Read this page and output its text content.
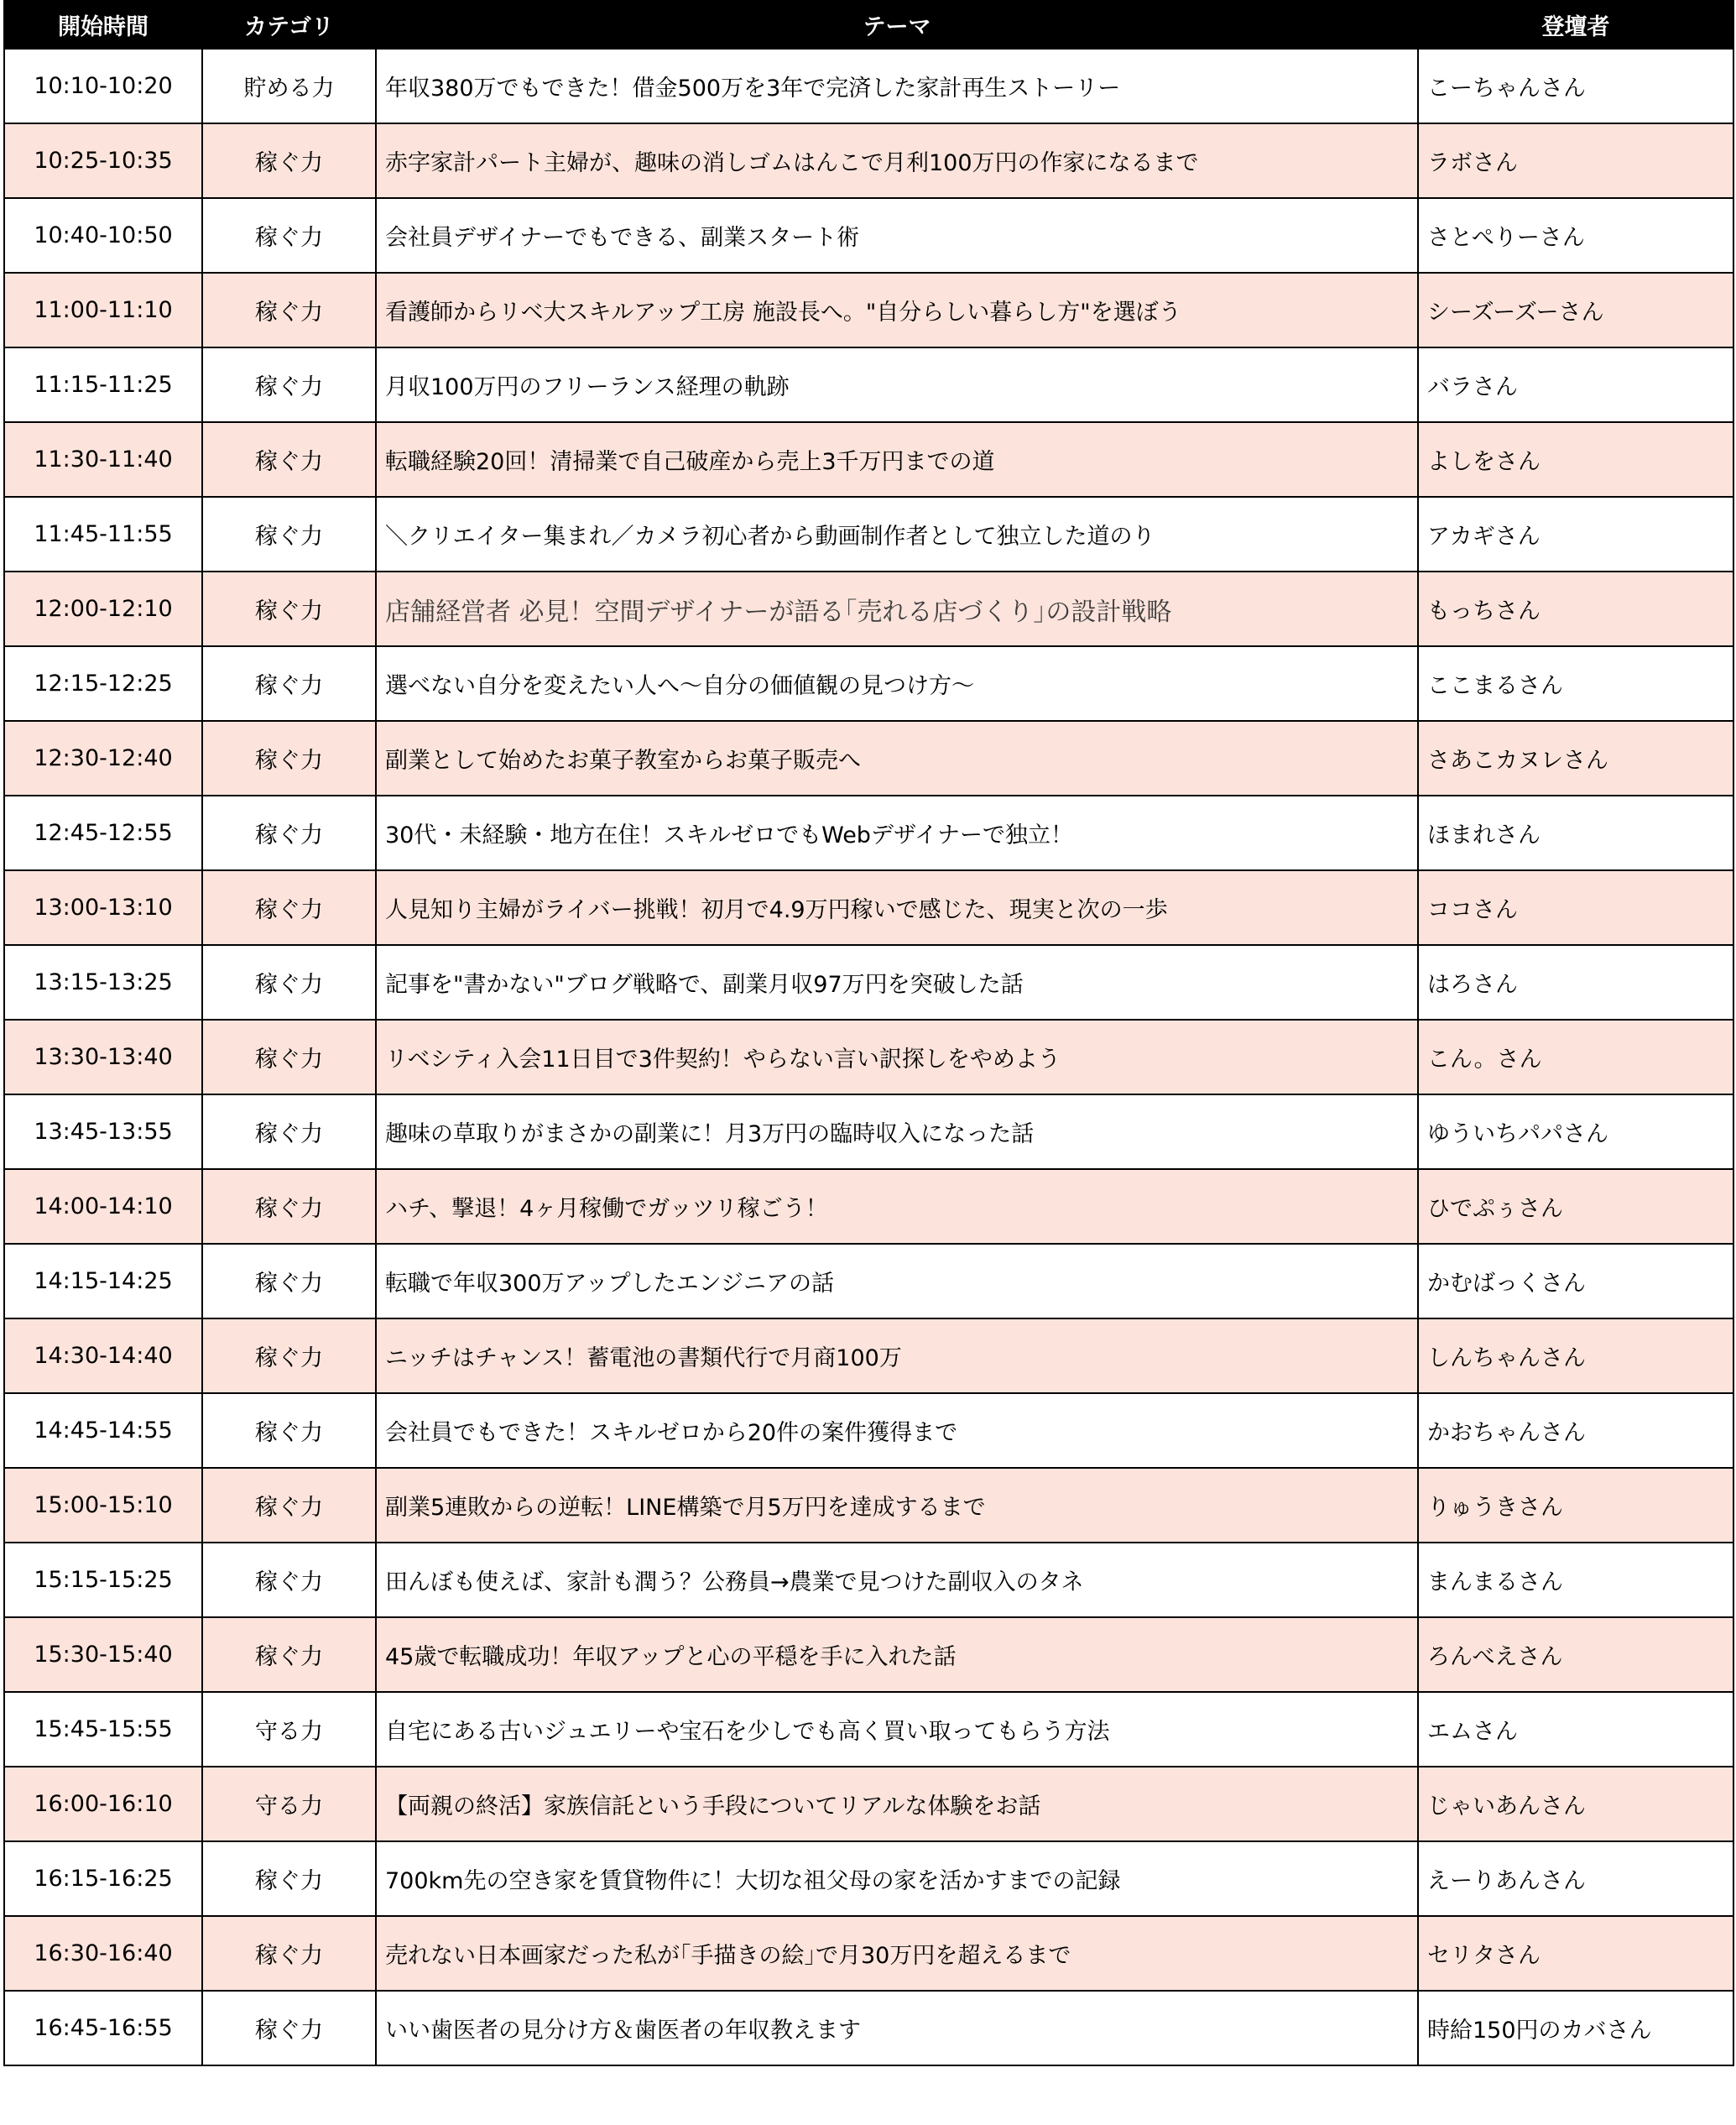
開始時間	カテゴリ	テーマ	登壇者
10:10-10:20	貯める力	年収380万でもできた！借金500万を3年で完済した家計再生ストーリー	こーちゃんさん
10:25-10:35	稼ぐ力	赤字家計パート主婦が、趣味の消しゴムはんこで月利100万円の作家になるまで	ラボさん
10:40-10:50	稼ぐ力	会社員デザイナーでもできる、副業スタート術	さとぺりーさん
11:00-11:10	稼ぐ力	看護師からリベ大スキルアップ工房 施設長へ。"自分らしい暮らし方"を選ぼう	シーズーズーさん
11:15-11:25	稼ぐ力	月収100万円のフリーランス経理の軌跡	バラさん
11:30-11:40	稼ぐ力	転職経験20回！清掃業で自己破産から売上3千万円までの道	よしをさん
11:45-11:55	稼ぐ力	＼クリエイター集まれ／カメラ初心者から動画制作者として独立した道のり	アカギさん
12:00-12:10	稼ぐ力	店舗経営者 必見！空間デザイナーが語る｢売れる店づくり｣の設計戦略	もっちさん
12:15-12:25	稼ぐ力	選べない自分を変えたい人へ～自分の価値観の見つけ方～	ここまるさん
12:30-12:40	稼ぐ力	副業として始めたお菓子教室からお菓子販売へ	さあこカヌレさん
12:45-12:55	稼ぐ力	30代・未経験・地方在住！スキルゼロでもWebデザイナーで独立！	ほまれさん
13:00-13:10	稼ぐ力	人見知り主婦がライバー挑戦！初月で4.9万円稼いで感じた、現実と次の一歩	ココさん
13:15-13:25	稼ぐ力	記事を"書かない"ブログ戦略で、副業月収97万円を突破した話	はろさん
13:30-13:40	稼ぐ力	リベシティ入会11日目で3件契約！やらない言い訳探しをやめよう	こん。さん
13:45-13:55	稼ぐ力	趣味の草取りがまさかの副業に！月3万円の臨時収入になった話	ゆういちパパさん
14:00-14:10	稼ぐ力	ハチ、撃退！4ヶ月稼働でガッツリ稼ごう！	ひでぷぅさん
14:15-14:25	稼ぐ力	転職で年収300万アップしたエンジニアの話	かむばっくさん
14:30-14:40	稼ぐ力	ニッチはチャンス！蓄電池の書類代行で月商100万	しんちゃんさん
14:45-14:55	稼ぐ力	会社員でもできた！スキルゼロから20件の案件獲得まで	かおちゃんさん
15:00-15:10	稼ぐ力	副業5連敗からの逆転！LINE構築で月5万円を達成するまで	りゅうきさん
15:15-15:25	稼ぐ力	田んぼも使えば、家計も潤う？公務員→農業で見つけた副収入のタネ	まんまるさん
15:30-15:40	稼ぐ力	45歳で転職成功！年収アップと心の平穏を手に入れた話	ろんべえさん
15:45-15:55	守る力	自宅にある古いジュエリーや宝石を少しでも高く買い取ってもらう方法	エムさん
16:00-16:10	守る力	【両親の終活】家族信託という手段についてリアルな体験をお話	じゃいあんさん
16:15-16:25	稼ぐ力	700km先の空き家を賃貸物件に！大切な祖父母の家を活かすまでの記録	えーりあんさん
16:30-16:40	稼ぐ力	売れない日本画家だった私が｢手描きの絵｣で月30万円を超えるまで	セリタさん
16:45-16:55	稼ぐ力	いい歯医者の見分け方＆歯医者の年収教えます	時給150円のカバさん
